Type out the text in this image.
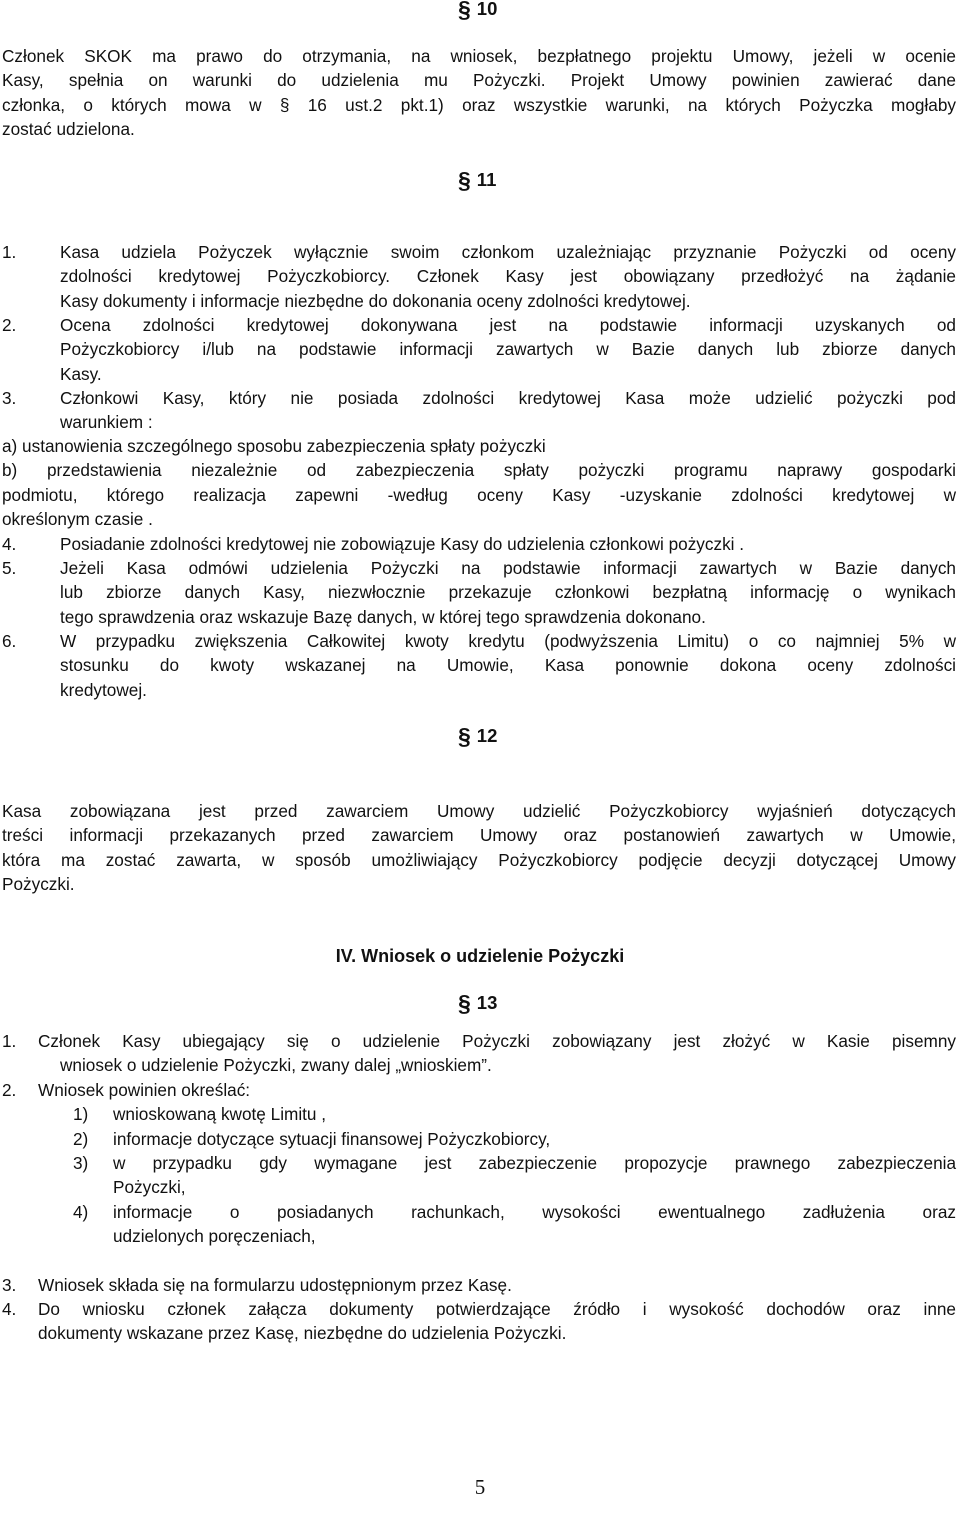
§ 10
Członek SKOK ma prawo do otrzymania, na wniosek, bezpłatnego projektu Umowy, jeżeli w ocenie
Kasy, spełnia on warunki do udzielenia mu Pożyczki. Projekt Umowy powinien zawierać dane
członka, o których mowa w § 16 ust.2 pkt.1) oraz wszystkie warunki, na których Pożyczka mogłaby
zostać udzielona.
§ 11
1.	Kasa udziela Pożyczek wyłącznie swoim członkom uzależniając przyznanie Pożyczki od oceny
zdolności kredytowej Pożyczkobiorcy. Członek Kasy jest obowiązany przedłożyć na żądanie
Kasy dokumenty i informacje niezbędne do dokonania oceny zdolności kredytowej.
2.	Ocena zdolności kredytowej dokonywana jest na podstawie informacji uzyskanych od
Pożyczkobiorcy i/lub na podstawie informacji zawartych w Bazie danych lub zbiorze danych
Kasy.
3.	Członkowi Kasy, który nie posiada zdolności kredytowej Kasa może udzielić pożyczki pod
warunkiem :
a) ustanowienia szczególnego sposobu zabezpieczenia spłaty pożyczki
b) przedstawienia niezależnie od zabezpieczenia spłaty pożyczki programu naprawy gospodarki
podmiotu, którego realizacja zapewni -według oceny Kasy -uzyskanie zdolności kredytowej w
określonym czasie .
4.	Posiadanie zdolności kredytowej nie zobowiązuje Kasy do udzielenia członkowi pożyczki .
5.	Jeżeli Kasa odmówi udzielenia Pożyczki na podstawie informacji zawartych w Bazie danych
lub zbiorze danych Kasy, niezwłocznie przekazuje członkowi bezpłatną informację o wynikach
tego sprawdzenia oraz wskazuje Bazę danych, w której tego sprawdzenia dokonano.
6.	W przypadku zwiększenia Całkowitej kwoty kredytu (podwyższenia Limitu) o co najmniej 5% w
stosunku do kwoty wskazanej na Umowie, Kasa ponownie dokona oceny zdolności
kredytowej.
§ 12
Kasa zobowiązana jest przed zawarciem Umowy udzielić Pożyczkobiorcy wyjaśnień dotyczących
treści informacji przekazanych przed zawarciem Umowy oraz postanowień zawartych w Umowie,
która ma zostać zawarta, w sposób umożliwiający Pożyczkobiorcy podjęcie decyzji dotyczącej Umowy
Pożyczki.
IV. Wniosek o udzielenie Pożyczki
§ 13
1. Członek Kasy ubiegający się o udzielenie Pożyczki zobowiązany jest złożyć w Kasie pisemny
wniosek o udzielenie Pożyczki, zwany dalej „wnioskiem”.
2. Wniosek powinien określać:
1) wnioskowaną kwotę Limitu ,
2) informacje dotyczące sytuacji finansowej Pożyczkobiorcy,
3) w przypadku gdy wymagane jest zabezpieczenie propozycje prawnego zabezpieczenia
Pożyczki,
4) informacje o posiadanych rachunkach, wysokości ewentualnego zadłużenia oraz
udzielonych poręczeniach,
3. Wniosek składa się na formularzu udostępnionym przez Kasę.
4. Do wniosku członek załącza dokumenty potwierdzające źródło i wysokość dochodów oraz inne
dokumenty wskazane przez Kasę, niezbędne do udzielenia Pożyczki.
5
